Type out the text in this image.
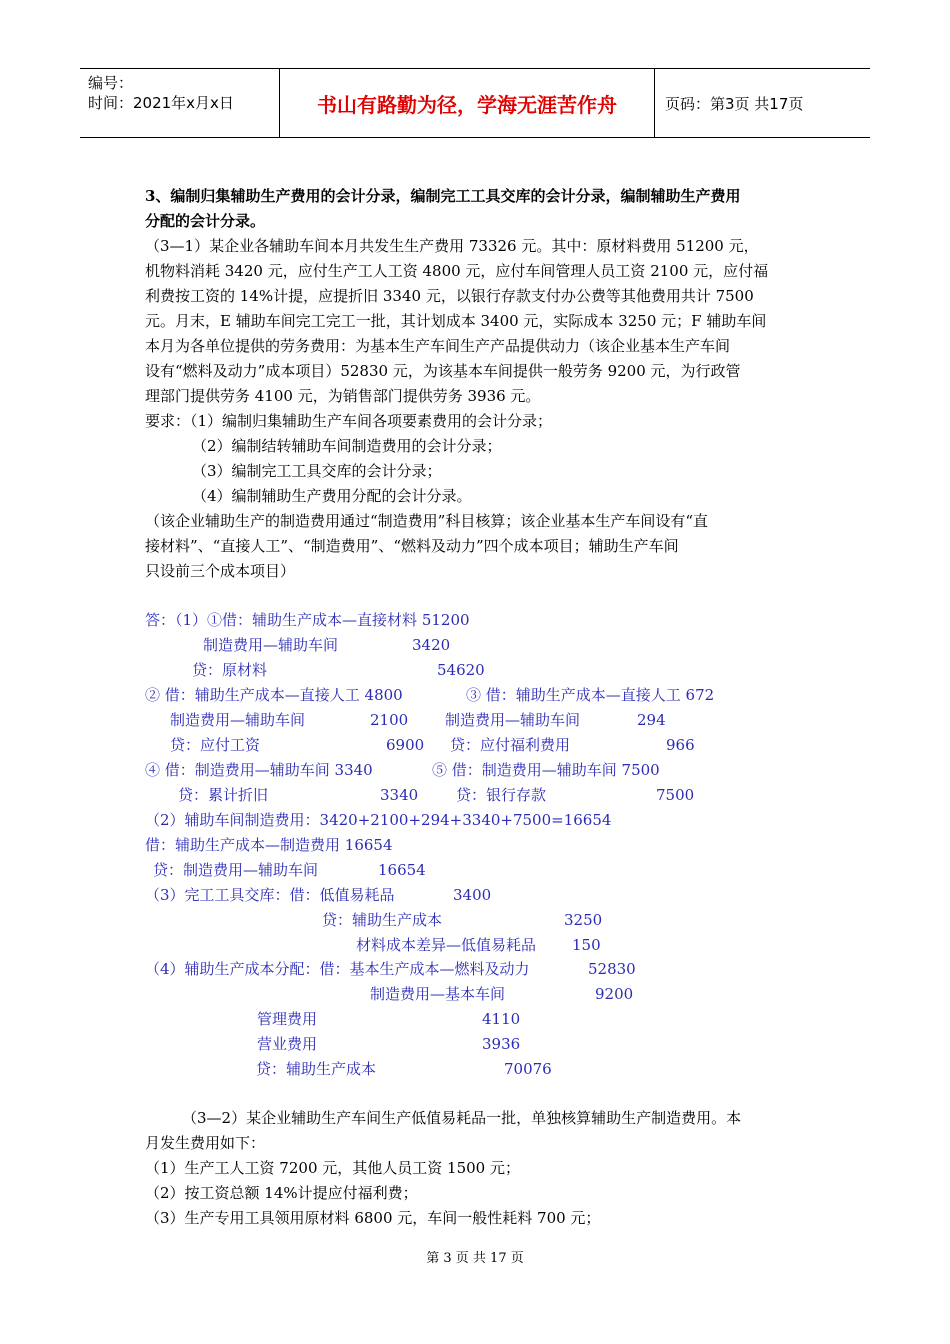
编号：
时间：2021年x月x日	书山有路勤为径，学海无涯苦作舟	页码：第3页 共17页
3、编制归集辅助生产费用的会计分录，编制完工工具交库的会计分录，编制辅助生产费用
分配的会计分录。
（3—1）某企业各辅助车间本月共发生生产费用 73326 元。其中：原材料费用 51200 元，
机物料消耗 3420 元，应付生产工人工资 4800 元，应付车间管理人员工资 2100 元，应付福
利费按工资的 14%计提，应提折旧 3340 元，以银行存款支付办公费等其他费用共计 7500
元。月末，E 辅助车间完工完工一批，其计划成本 3400 元，实际成本 3250 元；F 辅助车间
本月为各单位提供的劳务费用：为基本生产车间生产产品提供动力（该企业基本生产车间
设有“燃料及动力”成本项目）52830 元，为该基本车间提供一般劳务 9200 元，为行政管
理部门提供劳务 4100 元，为销售部门提供劳务 3936 元。
要求：（1）编制归集辅助生产车间各项要素费用的会计分录；
（2）编制结转辅助车间制造费用的会计分录；
（3）编制完工工具交库的会计分录；
（4）编制辅助生产费用分配的会计分录。
（该企业辅助生产的制造费用通过“制造费用”科目核算；该企业基本生产车间设有“直
接材料”、“直接人工”、“制造费用”、“燃料及动力”四个成本项目；辅助生产车间
只设前三个成本项目）
答：（1）①借：辅助生产成本—直接材料 51200
制造费用—辅助车间	3420
贷：原材料	54620
② 借：辅助生产成本—直接人工 4800	③ 借：辅助生产成本—直接人工 672
制造费用—辅助车间	2100 制造费用—辅助车间	294
贷：应付工资	6900 贷：应付福利费用	966
④ 借：制造费用—辅助车间 3340	⑤ 借：制造费用—辅助车间 7500
贷：累计折旧	3340	贷：银行存款	7500
（2）辅助车间制造费用：3420+2100+294+3340+7500=16654
借：辅助生产成本—制造费用 16654
贷：制造费用—辅助车间	16654
（3）完工工具交库：借：低值易耗品	3400
贷：辅助生产成本	3250
材料成本差异—低值易耗品 150
（4）辅助生产成本分配：借：基本生产成本—燃料及动力	52830
制造费用—基本车间	9200
管理费用	4110
营业费用	3936
贷：辅助生产成本	70076
（3—2）某企业辅助生产车间生产低值易耗品一批，单独核算辅助生产制造费用。本
月发生费用如下：
（1）生产工人工资 7200 元，其他人员工资 1500 元；
（2）按工资总额 14%计提应付福利费；
（3）生产专用工具领用原材料 6800 元，车间一般性耗料 700 元；
第 3 页 共 17 页
